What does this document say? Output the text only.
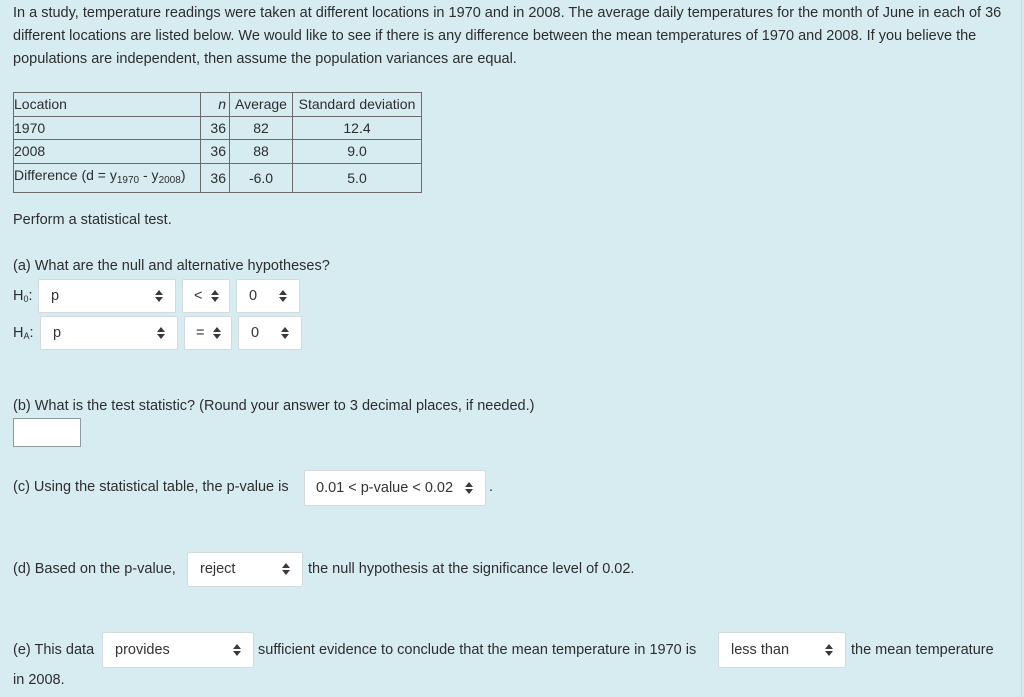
In a study, temperature readings were taken at different locations in 1970 and in 2008. The average daily temperatures for the month of June in each of 36 different locations are listed below. We would like to see if there is any difference between the mean temperatures of 1970 and 2008. If you believe the populations are independent, then assume the population variances are equal.
Location	n	Average	Standard deviation
1970	36	82	12.4
2008	36	88	9.0
Difference $(d = y_{1970} - y_{2008})$	36	-6.0	5.0
Perform a statistical test.
(a) What are the null and alternative hypotheses?
$H_0$: p	<	0
$H_A$: p	=	0
(b) What is the test statistic? (Round your answer to 3 decimal places, if needed.)
(c) Using the statistical table, the p-value is 0.01 < p-value < 0.02 .
(d) Based on the p-value, reject	the null hypothesis at the significance level of 0.02.
(e) This data provides	sufficient evidence to conclude that the mean temperature in 1970 is less than	the mean temperature
in 2008.
